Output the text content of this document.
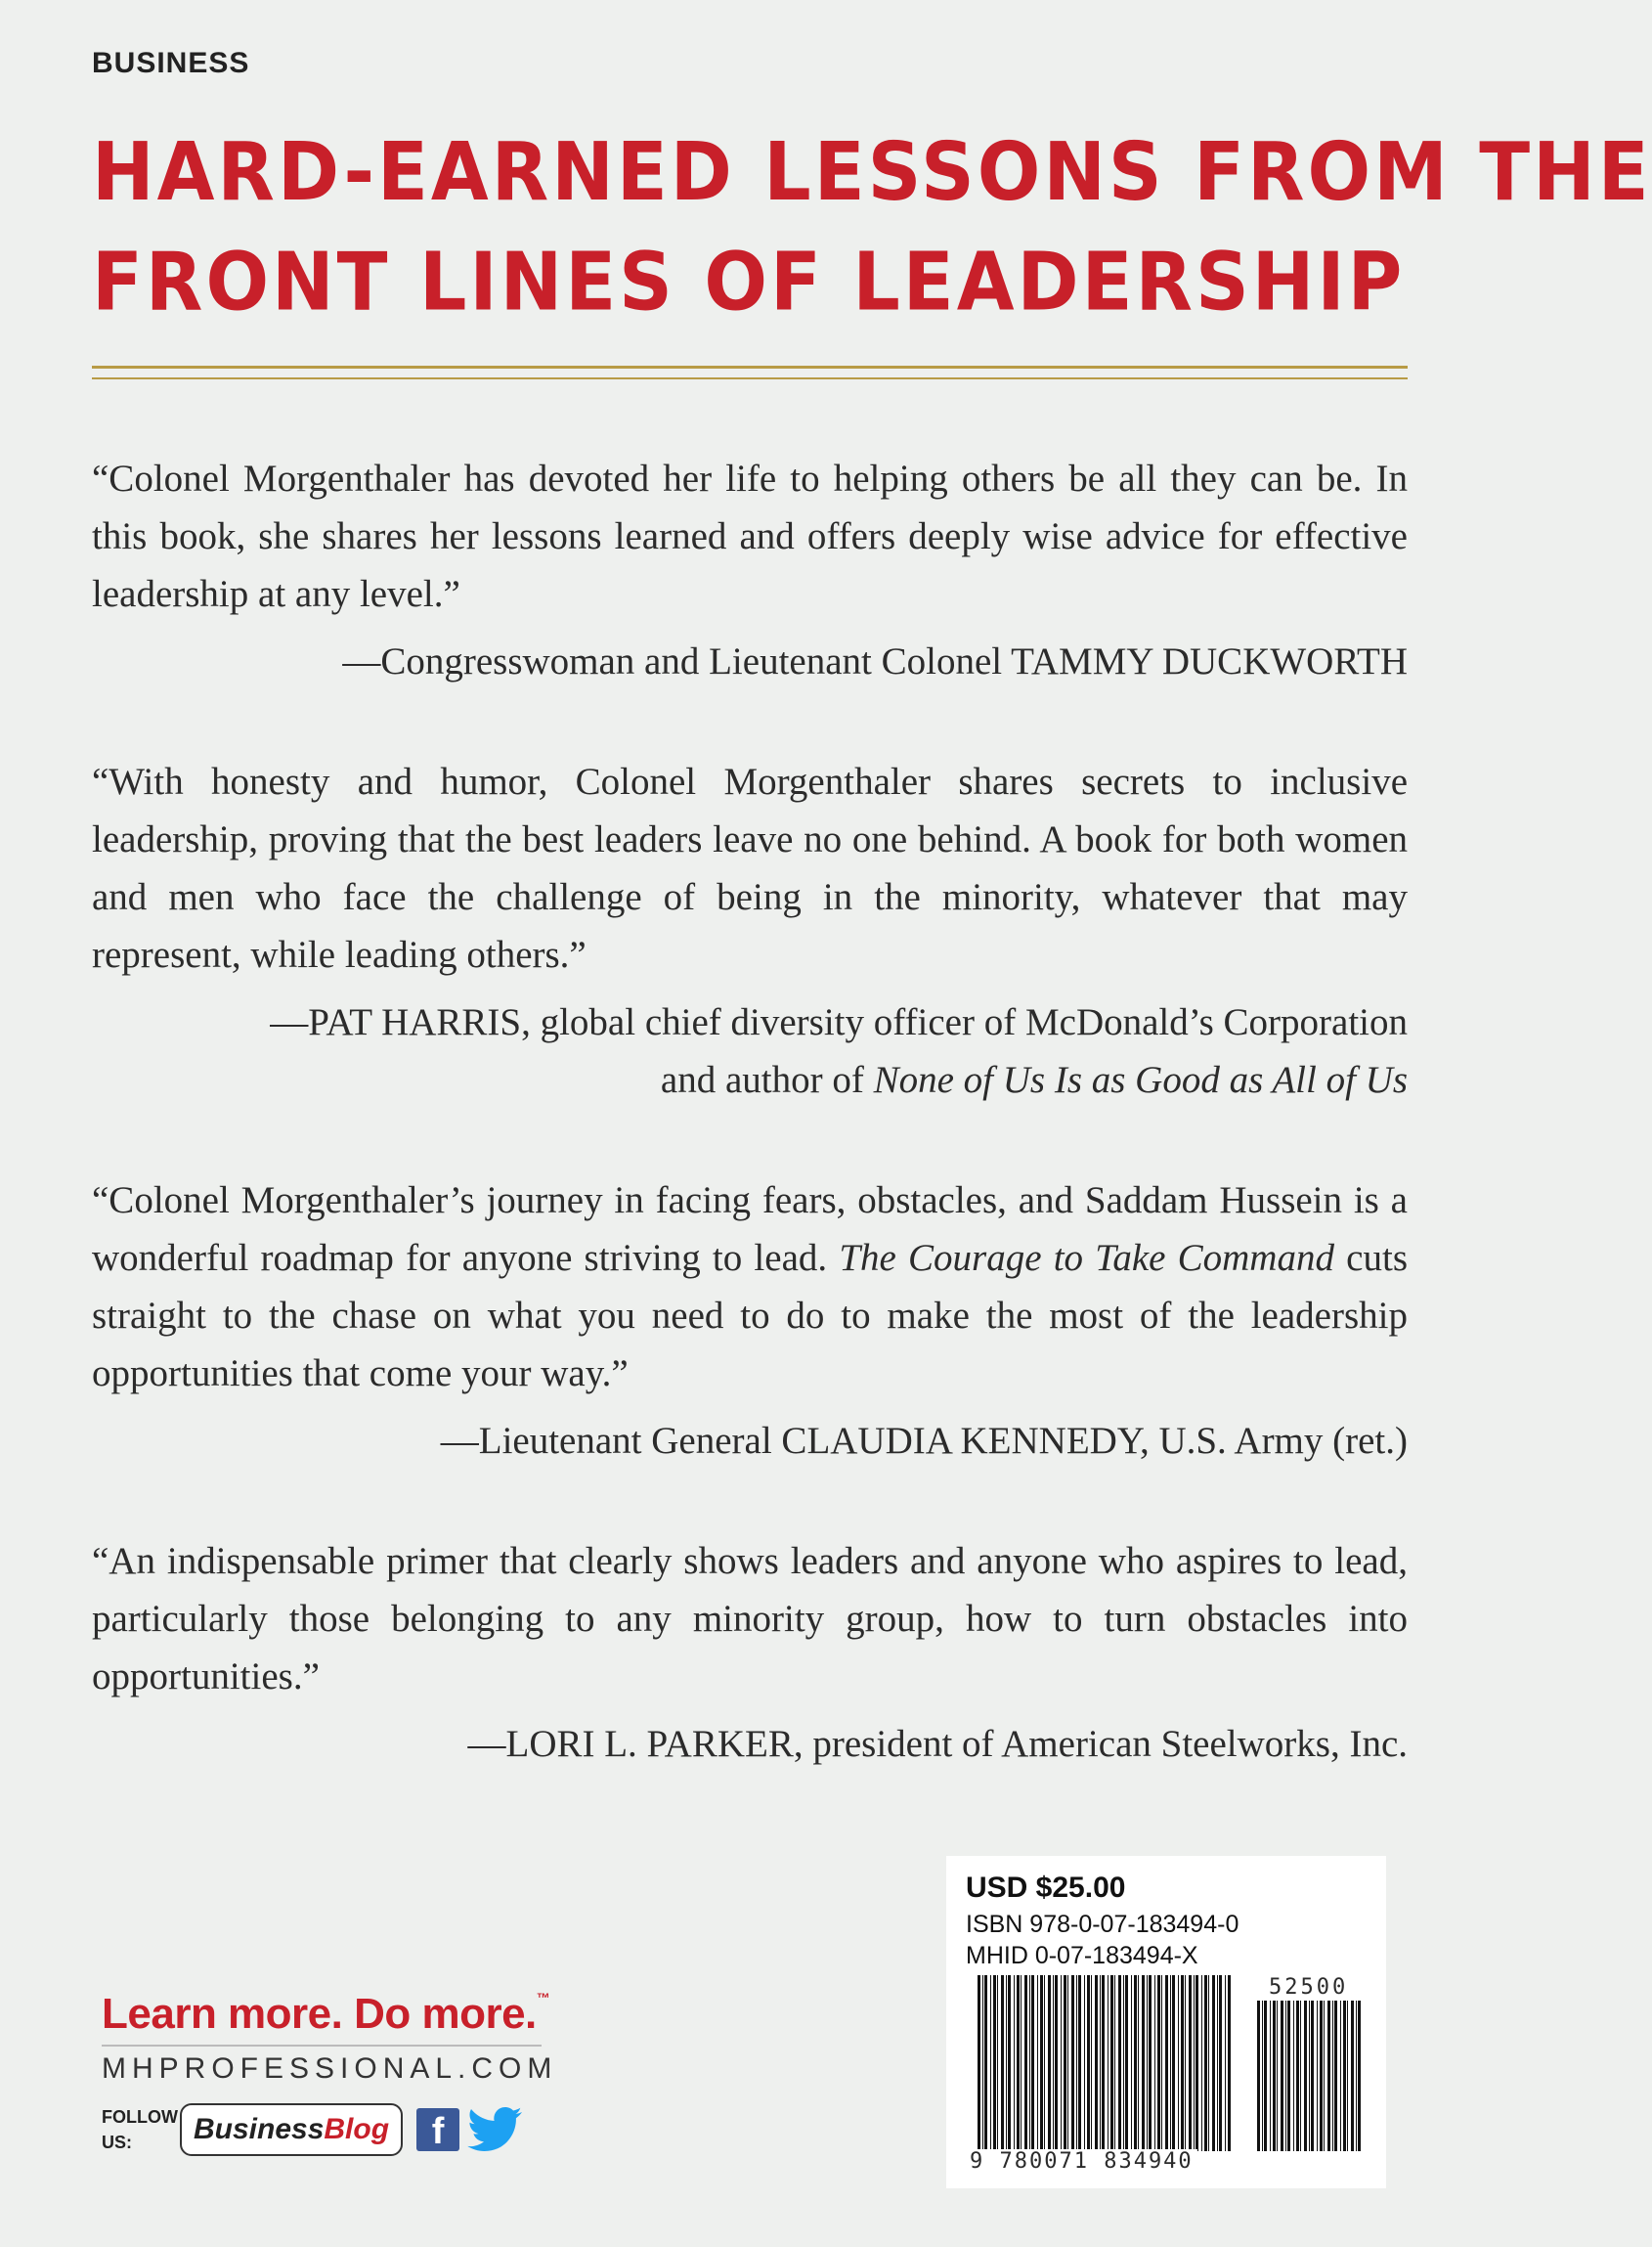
BUSINESS
HARD-EARNED LESSONS FROM THE
FRONT LINES OF LEADERSHIP

“Colonel Morgenthaler has devoted her life to helping others be all they can be. In this book, she shares her lessons learned and offers deeply wise advice for effective leadership at any level.”

—Congresswoman and Lieutenant Colonel TAMMY DUCKWORTH

“With honesty and humor, Colonel Morgenthaler shares secrets to inclusive leadership, proving that the best leaders leave no one behind. A book for both women and men who face the challenge of being in the minority, whatever that may represent, while leading others.”

—PAT HARRIS, global chief diversity officer of McDonald’s Corporation
and author of None of Us Is as Good as All of Us

“Colonel Morgenthaler’s journey in facing fears, obstacles, and Saddam Hussein is a wonderful roadmap for anyone striving to lead. The Courage to Take Command cuts straight to the chase on what you need to do to make the most of the leadership opportunities that come your way.”

—Lieutenant General CLAUDIA KENNEDY, U.S. Army (ret.)

“An indispensable primer that clearly shows leaders and anyone who aspires to lead, particularly those belonging to any minority group, how to turn obstacles into opportunities.”

—LORI L. PARKER, president of American Steelworks, Inc.
Learn more. Do more.™
MHPROFESSIONAL.COM
FOLLOW
US:	BusinessBlog	f
USD $25.00
ISBN 978-0-07-183494-0
MHID 0-07-183494-X
52500
9 780071 834940
